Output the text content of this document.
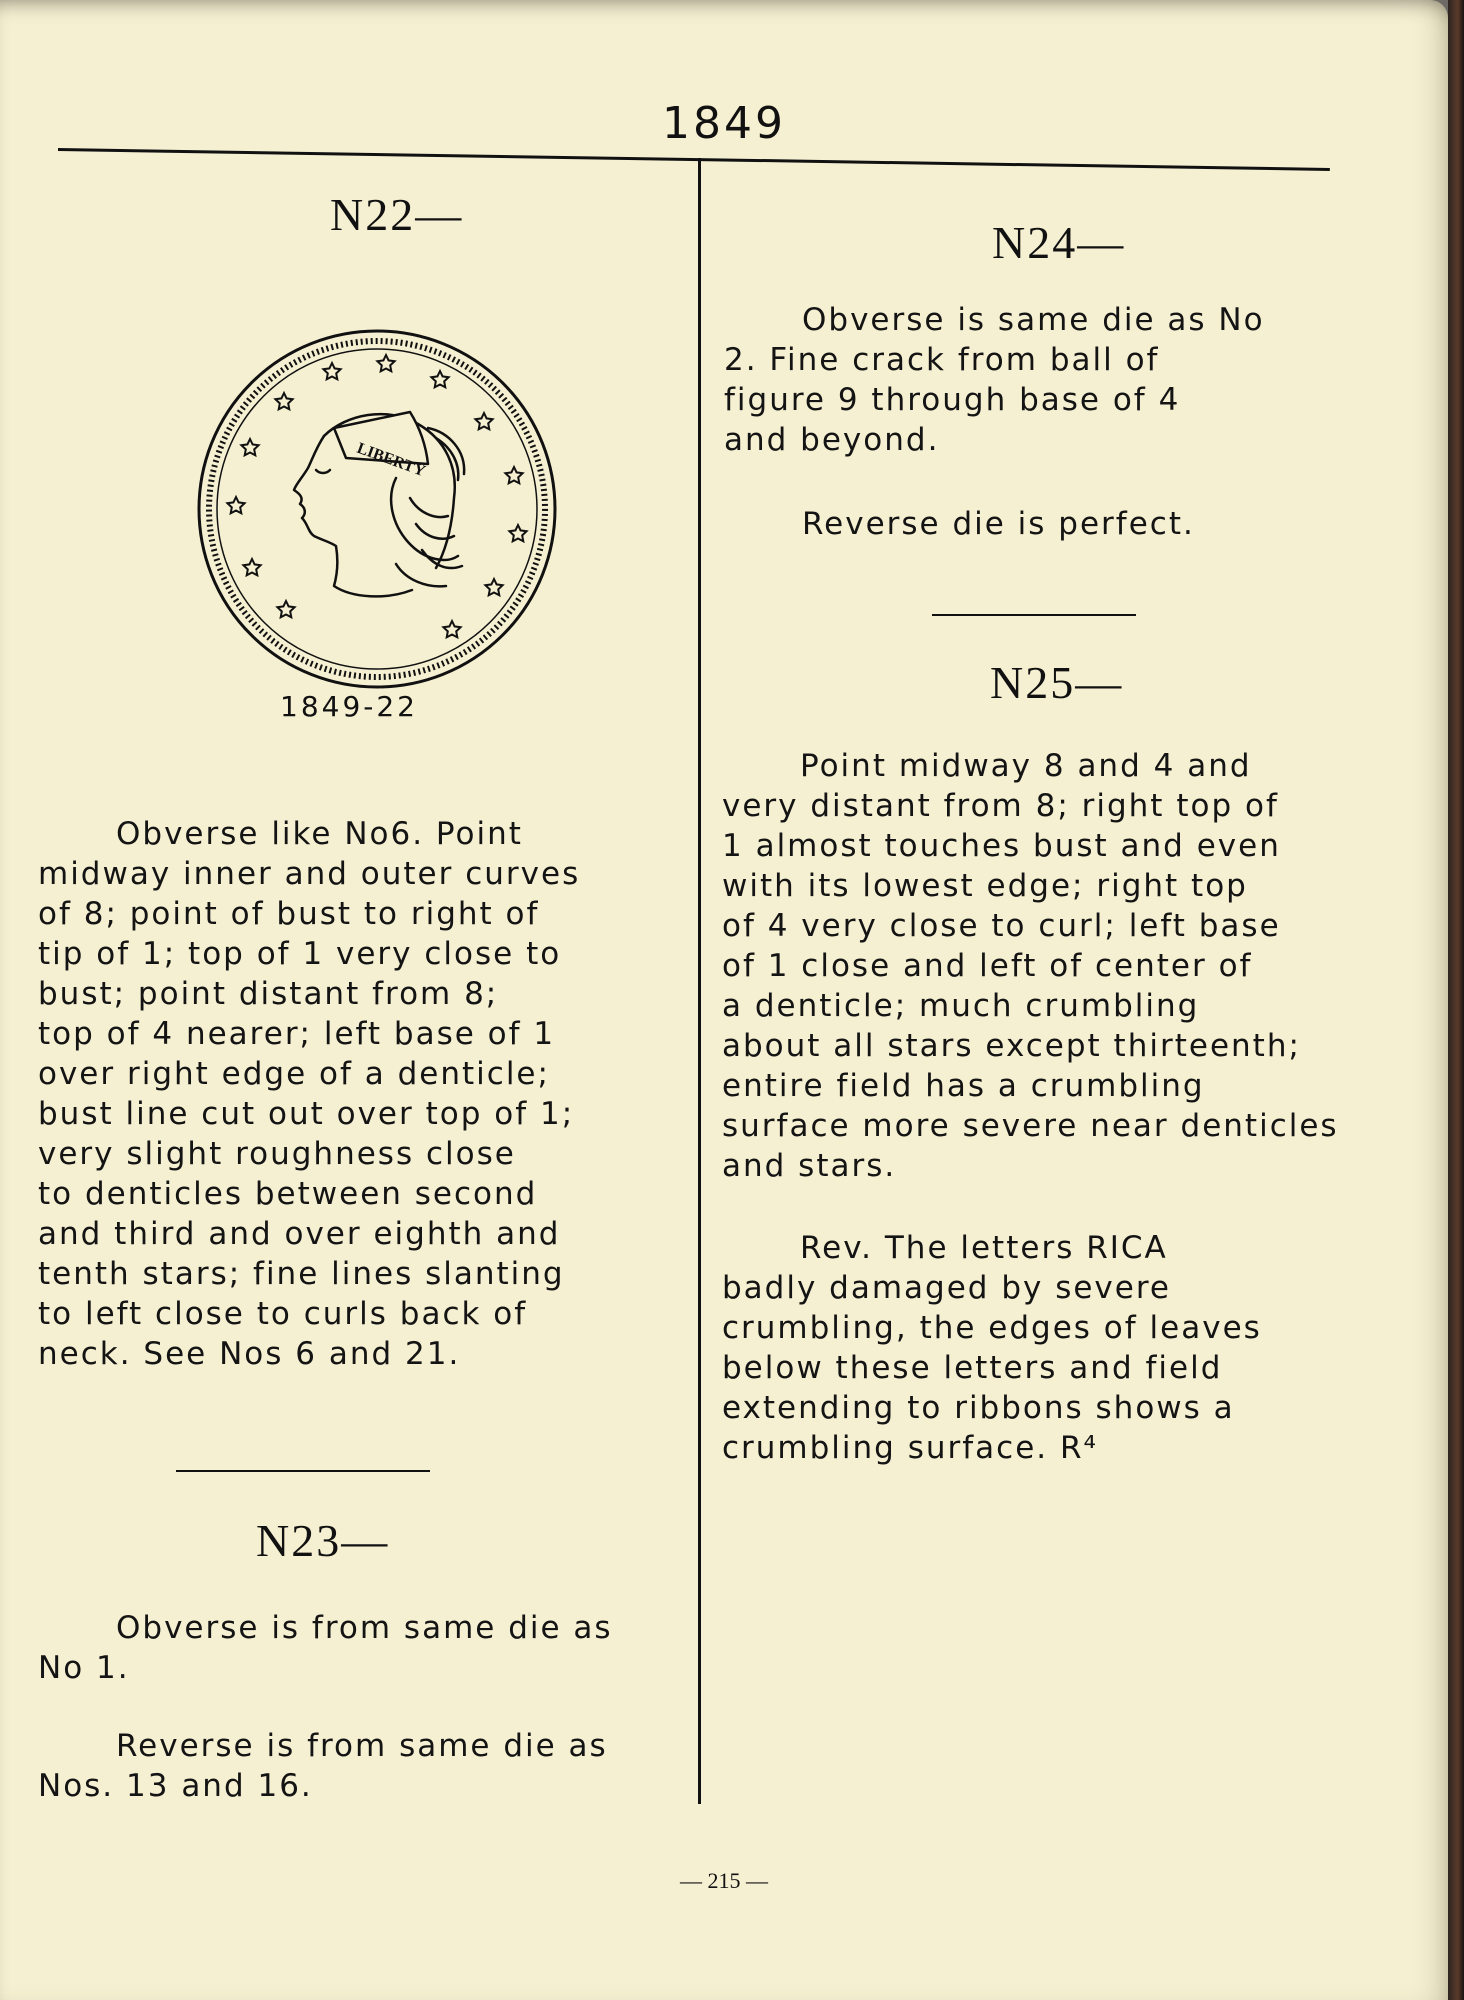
1849
N22—
LIBERTY
1849-22
Obverse like No6. Point
midway inner and outer curves
of 8; point of bust to right of
tip of 1; top of 1 very close to
bust; point distant from 8;
top of 4 nearer; left base of 1
over right edge of a denticle;
bust line cut out over top of 1;
very slight roughness close
to denticles between second
and third and over eighth and
tenth stars; fine lines slanting
to left close to curls back of
neck. See Nos 6 and 21.
N23—
Obverse is from same die as
No 1.
Reverse is from same die as
Nos. 13 and 16.
N24—
Obverse is same die as No
2. Fine crack from ball of
figure 9 through base of 4
and beyond.
Reverse die is perfect.
N25—
Point midway 8 and 4 and
very distant from 8; right top of
1 almost touches bust and even
with its lowest edge; right top
of 4 very close to curl; left base
of 1 close and left of center of
a denticle; much crumbling
about all stars except thirteenth;
entire field has a crumbling
surface more severe near denticles
and stars.
Rev. The letters RICA
badly damaged by severe
crumbling, the edges of leaves
below these letters and field
extending to ribbons shows a
crumbling surface. R⁴
— 215 —
